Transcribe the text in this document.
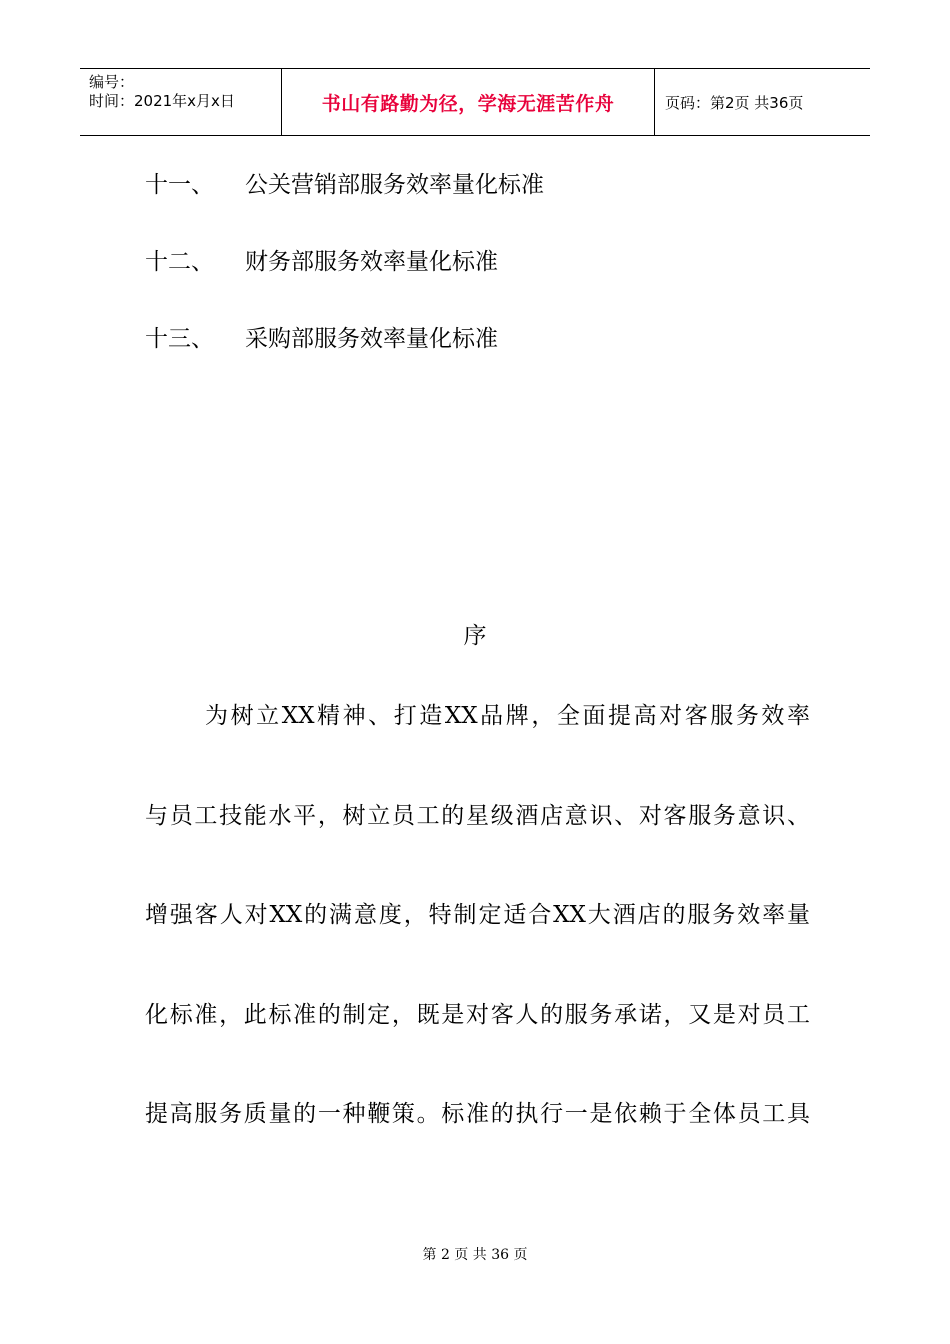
编号：
时间：2021年x月x日	书山有路勤为径，学海无涯苦作舟	页码：第2页 共36页
十一、 公关营销部服务效率量化标准
十二、 财务部服务效率量化标准
十三、 采购部服务效率量化标准
序
为树立XX精神、打造XX品牌，全面提高对客服务效率
与员工技能水平，树立员工的星级酒店意识、对客服务意识、
增强客人对XX的满意度，特制定适合XX大酒店的服务效率量
化标准，此标准的制定，既是对客人的服务承诺，又是对员工
提高服务质量的一种鞭策。标准的执行一是依赖于全体员工具
第 2 页 共 36 页
